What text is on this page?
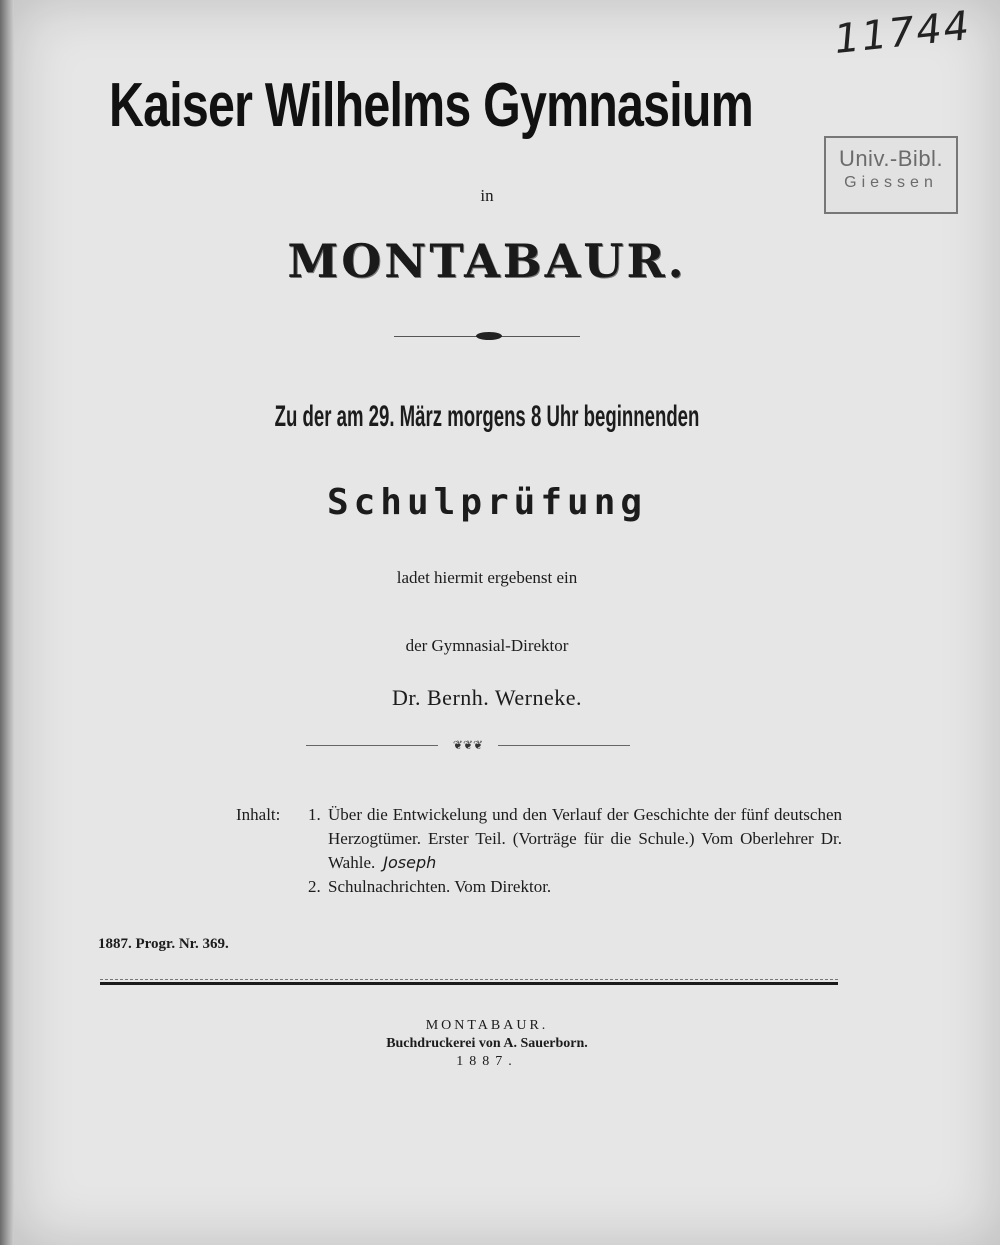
11744
Univ.-Bibl.
Giessen
Kaiser Wilhelms Gymnasium
in
MONTABAUR.
Zu der am 29. März morgens 8 Uhr beginnenden
Schulprüfung
ladet hiermit ergebenst ein
der Gymnasial-Direktor
Dr. Bernh. Werneke.
❦❦❦
Inhalt: 1. Über die Entwickelung und den Verlauf der Geschichte der fünf deutschen Herzogtümer. Erster Teil. (Vorträge für die Schule.) Vom Oberlehrer Dr. Wahle. Joseph
2. Schulnachrichten. Vom Direktor.
1887. Progr. Nr. 369.
MONTABAUR.
Buchdruckerei von A. Sauerborn.
1887.
